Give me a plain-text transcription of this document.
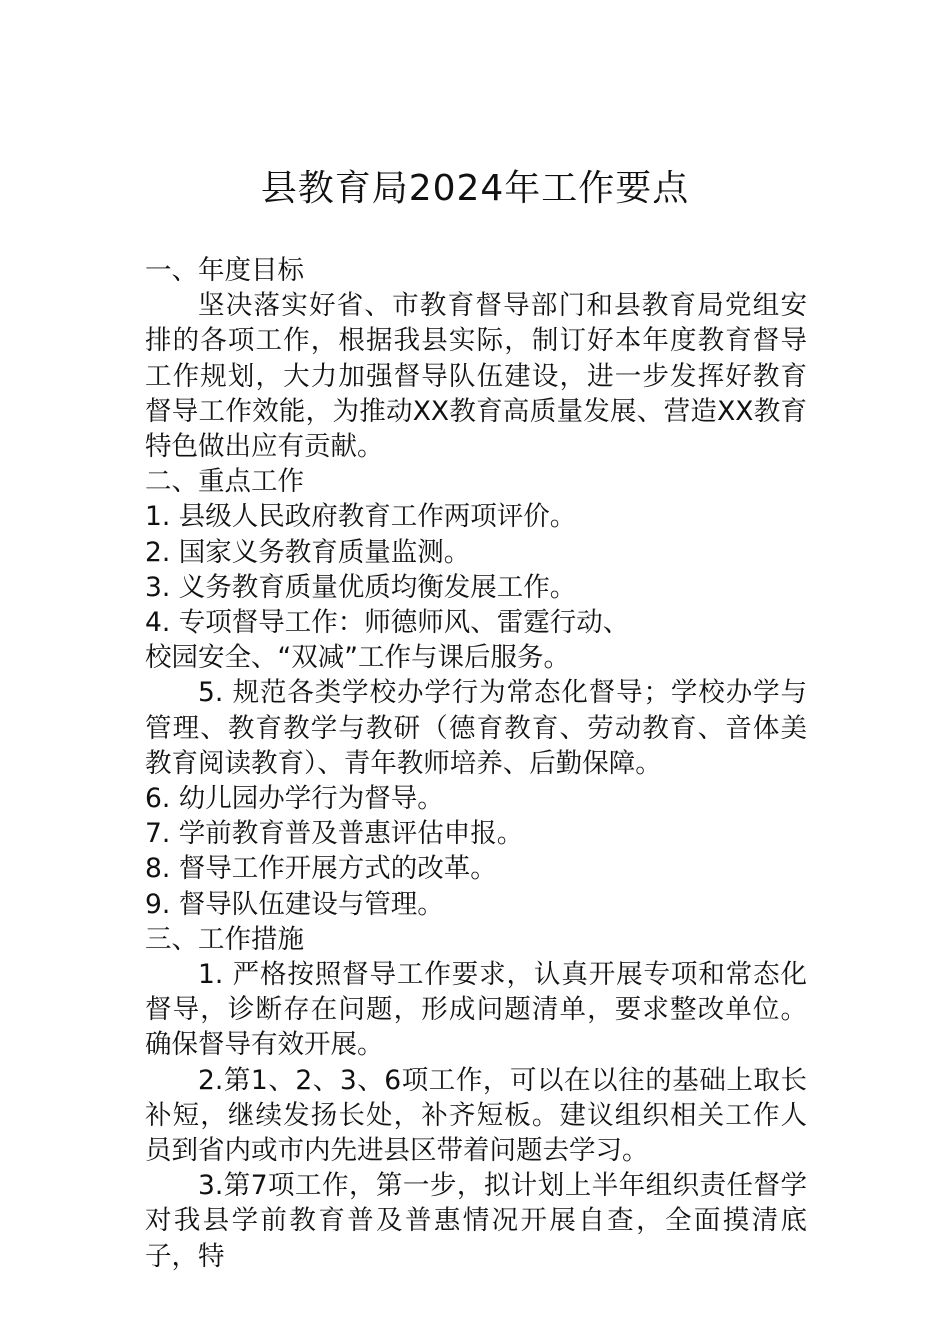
县教育局2024年工作要点

一、年度目标

坚决落实好省、市教育督导部门和县教育局党组安排的各项工作，根据我县实际，制订好本年度教育督导工作规划，大力加强督导队伍建设，进一步发挥好教育督导工作效能，为推动XX教育高质量发展、营造XX教育特色做出应有贡献。

二、重点工作

1. 县级人民政府教育工作两项评价。

2. 国家义务教育质量监测。

3. 义务教育质量优质均衡发展工作。

4. 专项督导工作：师德师风、雷霆行动、

校园安全、“双减”工作与课后服务。

5. 规范各类学校办学行为常态化督导；学校办学与管理、教育教学与教研（德育教育、劳动教育、音体美教育阅读教育）、青年教师培养、后勤保障。

6. 幼儿园办学行为督导。

7. 学前教育普及普惠评估申报。

8. 督导工作开展方式的改革。

9. 督导队伍建设与管理。

三、工作措施

1. 严格按照督导工作要求，认真开展专项和常态化督导，诊断存在问题，形成问题清单，要求整改单位。确保督导有效开展。

2.第1、2、3、6项工作，可以在以往的基础上取长补短，继续发扬长处，补齐短板。建议组织相关工作人员到省内或市内先进县区带着问题去学习。

3.第7项工作，第一步，拟计划上半年组织责任督学对我县学前教育普及普惠情况开展自查，全面摸清底子，特
